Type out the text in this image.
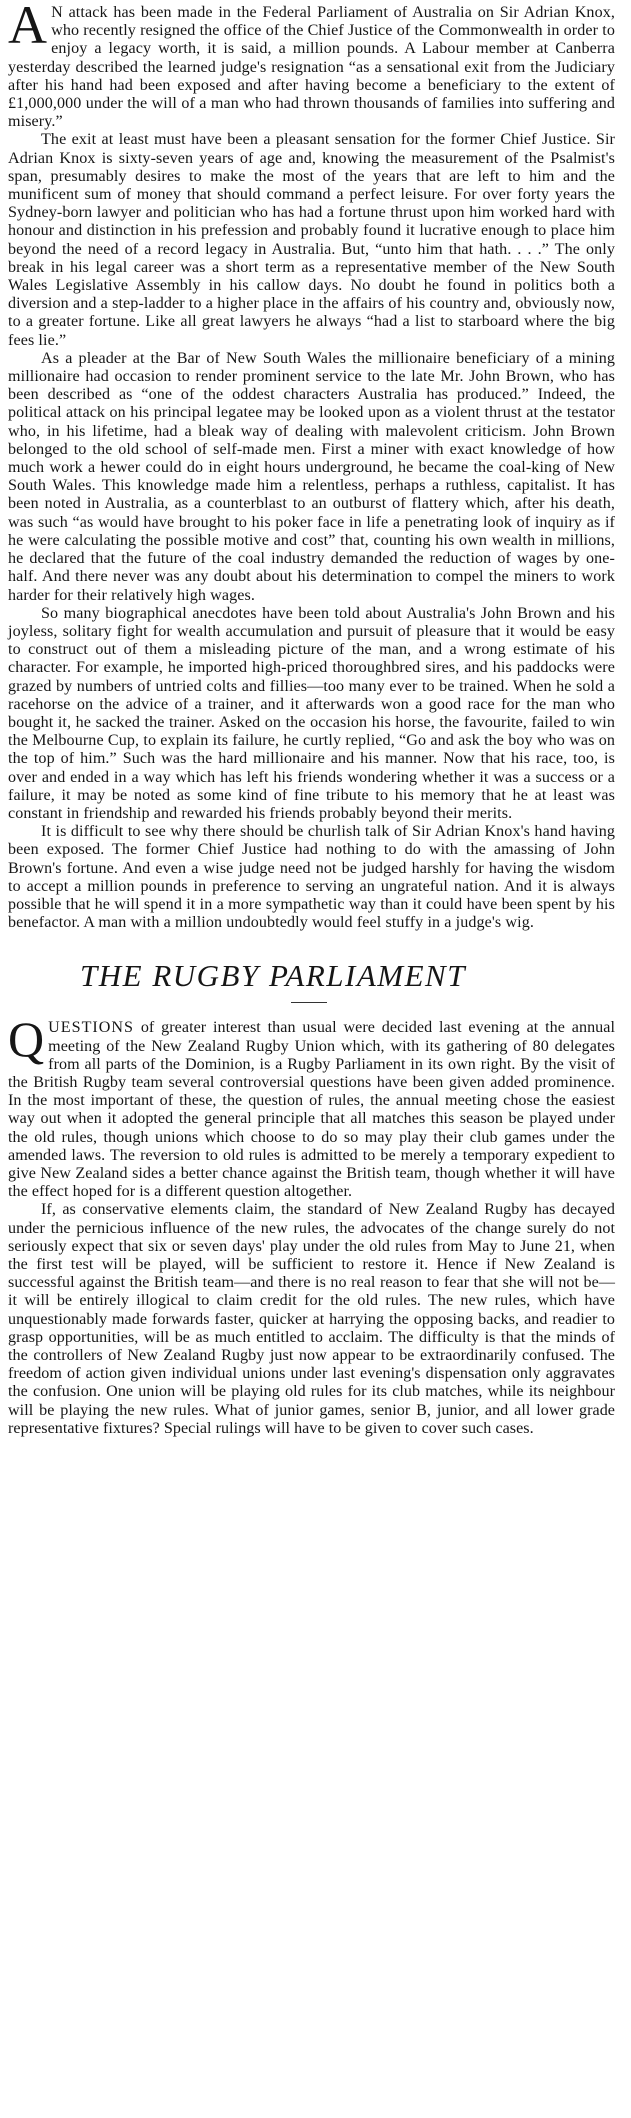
A N attack has been made in the Federal Parliament of Australia on Sir Adrian Knox, who recently resigned the office of the Chief Justice of the Commonwealth in order to enjoy a legacy worth, it is said, a million pounds. A Labour member at Canberra yesterday described the learned judge's resignation “as a sensational exit from the Judiciary after his hand had been exposed and after having become a beneficiary to the extent of £1,000,000 under the will of a man who had thrown thousands of families into suffering and misery.”

The exit at least must have been a pleasant sensation for the former Chief Justice. Sir Adrian Knox is sixty-seven years of age and, knowing the measurement of the Psalmist's span, presumably desires to make the most of the years that are left to him and the munificent sum of money that should command a perfect leisure. For over forty years the Sydney-born lawyer and politician who has had a fortune thrust upon him worked hard with honour and distinction in his prefession and probably found it lucrative enough to place him beyond the need of a record legacy in Australia. But, “unto him that hath. . . .” The only break in his legal career was a short term as a representative member of the New South Wales Legislative Assembly in his callow days. No doubt he found in politics both a diversion and a step-ladder to a higher place in the affairs of his country and, obviously now, to a greater fortune. Like all great lawyers he always “had a list to starboard where the big fees lie.”

As a pleader at the Bar of New South Wales the millionaire beneficiary of a mining millionaire had occasion to render prominent service to the late Mr. John Brown, who has been described as “one of the oddest characters Australia has produced.” Indeed, the political attack on his principal legatee may be looked upon as a violent thrust at the testator who, in his lifetime, had a bleak way of dealing with malevolent criticism. John Brown belonged to the old school of self-made men. First a miner with exact knowledge of how much work a hewer could do in eight hours underground, he became the coal-king of New South Wales. This knowledge made him a relentless, perhaps a ruthless, capitalist. It has been noted in Australia, as a counterblast to an outburst of flattery which, after his death, was such “as would have brought to his poker face in life a penetrating look of inquiry as if he were calculating the possible motive and cost” that, counting his own wealth in millions, he declared that the future of the coal industry demanded the reduction of wages by one-half. And there never was any doubt about his determination to compel the miners to work harder for their relatively high wages.

So many biographical anecdotes have been told about Australia's John Brown and his joyless, solitary fight for wealth accumulation and pursuit of pleasure that it would be easy to construct out of them a misleading picture of the man, and a wrong estimate of his character. For example, he imported high-priced thoroughbred sires, and his paddocks were grazed by numbers of untried colts and fillies—too many ever to be trained. When he sold a racehorse on the advice of a trainer, and it afterwards won a good race for the man who bought it, he sacked the trainer. Asked on the occasion his horse, the favourite, failed to win the Melbourne Cup, to explain its failure, he curtly replied, “Go and ask the boy who was on the top of him.” Such was the hard millionaire and his manner. Now that his race, too, is over and ended in a way which has left his friends wondering whether it was a success or a failure, it may be noted as some kind of fine tribute to his memory that he at least was constant in friendship and rewarded his friends probably beyond their merits.

It is difficult to see why there should be churlish talk of Sir Adrian Knox's hand having been exposed. The former Chief Justice had nothing to do with the amassing of John Brown's fortune. And even a wise judge need not be judged harshly for having the wisdom to accept a million pounds in preference to serving an ungrateful nation. And it is always possible that he will spend it in a more sympathetic way than it could have been spent by his benefactor. A man with a million undoubtedly would feel stuffy in a judge's wig.

THE RUGBY PARLIAMENT

QUESTIONS of greater interest than usual were decided last evening at the annual meeting of the New Zealand Rugby Union which, with its gathering of 80 delegates from all parts of the Dominion, is a Rugby Parliament in its own right. By the visit of the British Rugby team several controversial questions have been given added prominence. In the most important of these, the question of rules, the annual meeting chose the easiest way out when it adopted the general principle that all matches this season be played under the old rules, though unions which choose to do so may play their club games under the amended laws. The reversion to old rules is admitted to be merely a temporary expedient to give New Zealand sides a better chance against the British team, though whether it will have the effect hoped for is a different question altogether.

If, as conservative elements claim, the standard of New Zealand Rugby has decayed under the pernicious influence of the new rules, the advocates of the change surely do not seriously expect that six or seven days' play under the old rules from May to June 21, when the first test will be played, will be sufficient to restore it. Hence if New Zealand is successful against the British team—and there is no real reason to fear that she will not be—it will be entirely illogical to claim credit for the old rules. The new rules, which have unquestionably made forwards faster, quicker at harrying the opposing backs, and readier to grasp opportunities, will be as much entitled to acclaim. The difficulty is that the minds of the controllers of New Zealand Rugby just now appear to be extraordinarily confused. The freedom of action given individual unions under last evening's dispensation only aggravates the confusion. One union will be playing old rules for its club matches, while its neighbour will be playing the new rules. What of junior games, senior B, junior, and all lower grade representative fixtures? Special rulings will have to be given to cover such cases.
